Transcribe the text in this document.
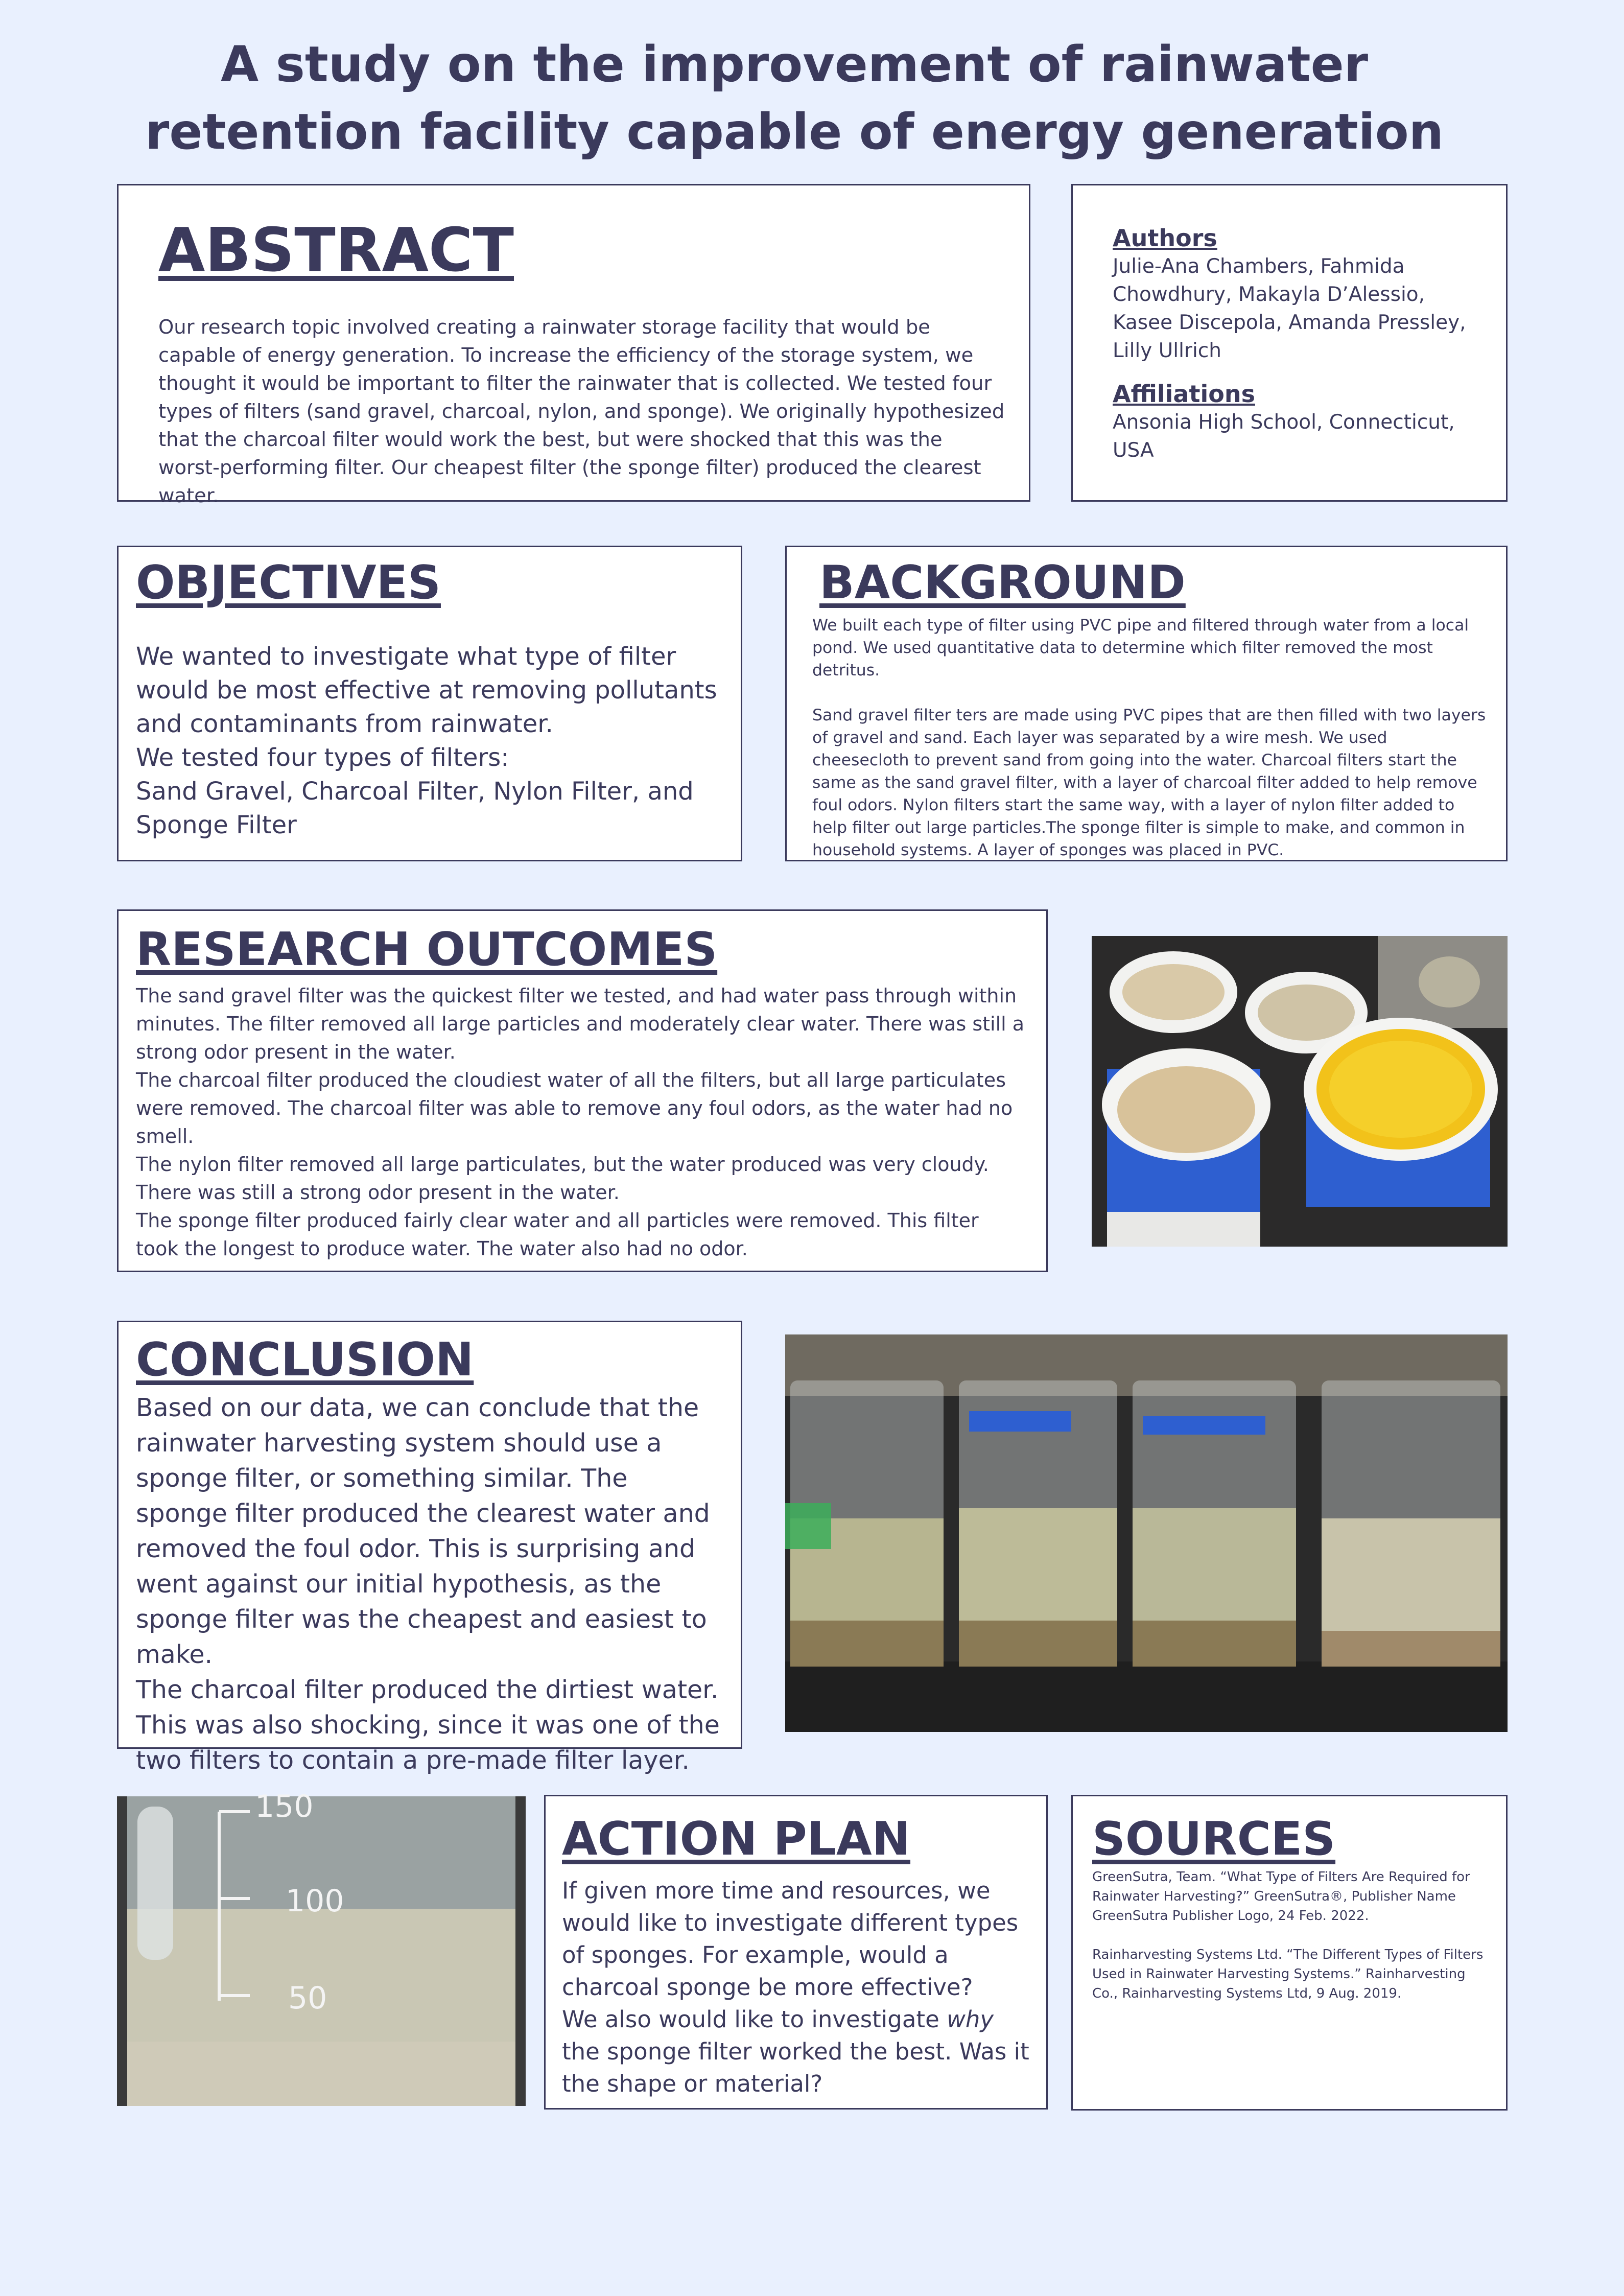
A study on the improvement of rainwater
retention facility capable of energy generation
ABSTRACT

Our research topic involved creating a rainwater storage facility that would be capable of energy generation. To increase the efficiency of the storage system, we thought it would be important to filter the rainwater that is collected. We tested four types of filters (sand gravel, charcoal, nylon, and sponge). We originally hypothesized that the charcoal filter would work the best, but were shocked that this was the worst-performing filter. Our cheapest filter (the sponge filter) produced the clearest water.

Authors

Julie-Ana Chambers, Fahmida Chowdhury, Makayla D’Alessio, Kasee Discepola, Amanda Pressley, Lilly Ullrich

Affiliations

Ansonia High School, Connecticut, USA

OBJECTIVES

We wanted to investigate what type of filter would be most effective at removing pollutants and contaminants from rainwater.
We tested four types of filters:
Sand Gravel, Charcoal Filter, Nylon Filter, and Sponge Filter

BACKGROUND

We built each type of filter using PVC pipe and filtered through water from a local pond. We used quantitative data to determine which filter removed the most detritus.

Sand gravel filter ters are made using PVC pipes that are then filled with two layers of gravel and sand. Each layer was separated by a wire mesh. We used cheesecloth to prevent sand from going into the water. Charcoal filters start the same as the sand gravel filter, with a layer of charcoal filter added to help remove foul odors. Nylon filters start the same way, with a layer of nylon filter added to help filter out large particles.The sponge filter is simple to make, and common in household systems. A layer of sponges was placed in PVC.

RESEARCH OUTCOMES

The sand gravel filter was the quickest filter we tested, and had water pass through within minutes. The filter removed all large particles and moderately clear water. There was still a strong odor present in the water.
The charcoal filter produced the cloudiest water of all the filters, but all large particulates were removed. The charcoal filter was able to remove any foul odors, as the water had no smell.
The nylon filter removed all large particulates, but the water produced was very cloudy. There was still a strong odor present in the water.
The sponge filter produced fairly clear water and all particles were removed. This filter took the longest to produce water. The water also had no odor.

CONCLUSION

Based on our data, we can conclude that the rainwater harvesting system should use a sponge filter, or something similar. The sponge filter produced the clearest water and removed the foul odor. This is surprising and went against our initial hypothesis, as the sponge filter was the cheapest and easiest to make.
The charcoal filter produced the dirtiest water. This was also shocking, since it was one of the two filters to contain a pre-made filter layer.

150
100
50
ACTION PLAN

If given more time and resources, we would like to investigate different types of sponges. For example, would a charcoal sponge be more effective?
We also would like to investigate why the sponge filter worked the best. Was it the shape or material?

SOURCES

GreenSutra, Team. “What Type of Filters Are Required for Rainwater Harvesting?” GreenSutra®, Publisher Name GreenSutra Publisher Logo, 24 Feb. 2022.

Rainharvesting Systems Ltd. “The Different Types of Filters Used in Rainwater Harvesting Systems.” Rainharvesting Co., Rainharvesting Systems Ltd, 9 Aug. 2019.
